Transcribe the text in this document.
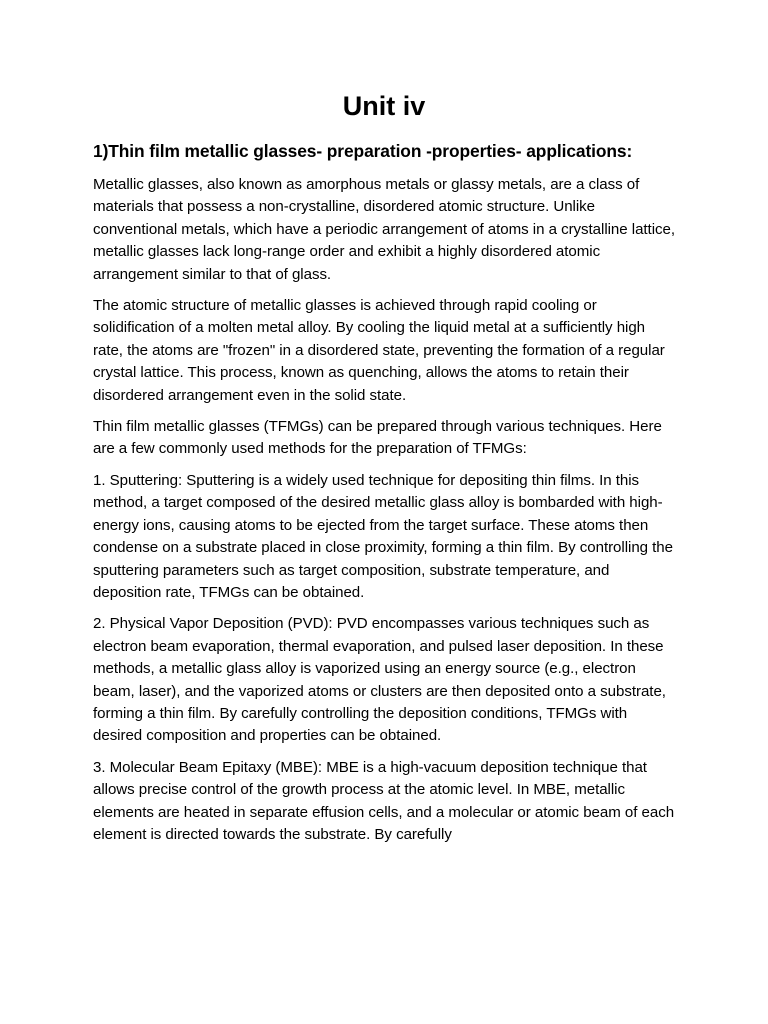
Unit iv
1)Thin film metallic glasses- preparation -properties- applications:

Metallic glasses, also known as amorphous metals or glassy metals, are a class of materials that possess a non-crystalline, disordered atomic structure. Unlike conventional metals, which have a periodic arrangement of atoms in a crystalline lattice, metallic glasses lack long-range order and exhibit a highly disordered atomic arrangement similar to that of glass.

The atomic structure of metallic glasses is achieved through rapid cooling or solidification of a molten metal alloy. By cooling the liquid metal at a sufficiently high rate, the atoms are "frozen" in a disordered state, preventing the formation of a regular crystal lattice. This process, known as quenching, allows the atoms to retain their disordered arrangement even in the solid state.

Thin film metallic glasses (TFMGs) can be prepared through various techniques. Here are a few commonly used methods for the preparation of TFMGs:

1. Sputtering: Sputtering is a widely used technique for depositing thin films. In this method, a target composed of the desired metallic glass alloy is bombarded with high-energy ions, causing atoms to be ejected from the target surface. These atoms then condense on a substrate placed in close proximity, forming a thin film. By controlling the sputtering parameters such as target composition, substrate temperature, and deposition rate, TFMGs can be obtained.

2. Physical Vapor Deposition (PVD): PVD encompasses various techniques such as electron beam evaporation, thermal evaporation, and pulsed laser deposition. In these methods, a metallic glass alloy is vaporized using an energy source (e.g., electron beam, laser), and the vaporized atoms or clusters are then deposited onto a substrate, forming a thin film. By carefully controlling the deposition conditions, TFMGs with desired composition and properties can be obtained.

3. Molecular Beam Epitaxy (MBE): MBE is a high-vacuum deposition technique that allows precise control of the growth process at the atomic level. In MBE, metallic elements are heated in separate effusion cells, and a molecular or atomic beam of each element is directed towards the substrate. By carefully
